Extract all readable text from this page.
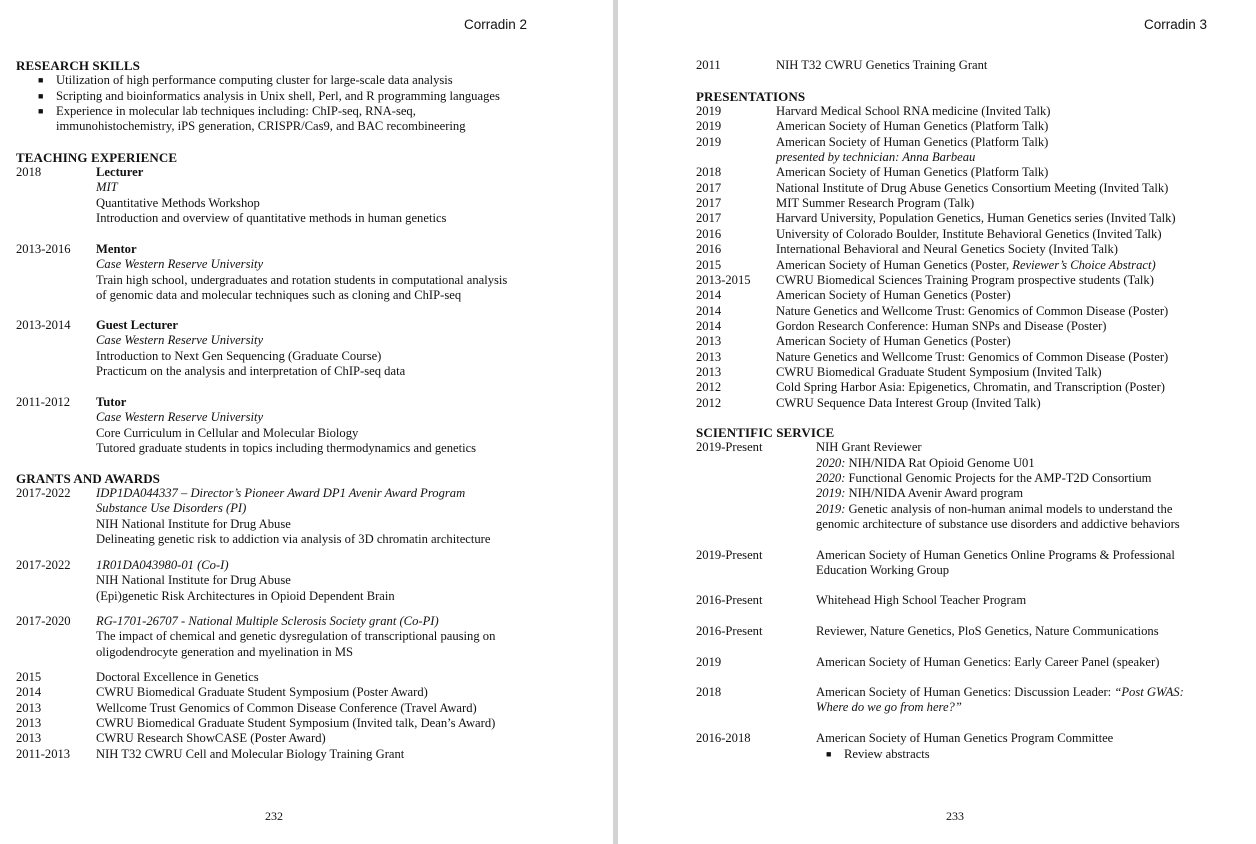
Corradin 2
RESEARCH SKILLS
■ Utilization of high performance computing cluster for large-scale data analysis
■ Scripting and bioinformatics analysis in Unix shell, Perl, and R programming languages
■ Experience in molecular lab techniques including: ChIP-seq, RNA-seq,
immunohistochemistry, iPS generation, CRISPR/Cas9, and BAC recombineering
TEACHING EXPERIENCE
2018	Lecturer
MIT
Quantitative Methods Workshop
Introduction and overview of quantitative methods in human genetics
2013-2016 Mentor
Case Western Reserve University
Train high school, undergraduates and rotation students in computational analysis
of genomic data and molecular techniques such as cloning and ChIP-seq
2013-2014 Guest Lecturer
Case Western Reserve University
Introduction to Next Gen Sequencing (Graduate Course)
Practicum on the analysis and interpretation of ChIP-seq data
2011-2012 Tutor
Case Western Reserve University
Core Curriculum in Cellular and Molecular Biology
Tutored graduate students in topics including thermodynamics and genetics
GRANTS AND AWARDS
2017-2022 IDP1DA044337 – Director’s Pioneer Award DP1 Avenir Award Program
Substance Use Disorders (PI)
NIH National Institute for Drug Abuse
Delineating genetic risk to addiction via analysis of 3D chromatin architecture
2017-2022 1R01DA043980-01 (Co-I)
NIH National Institute for Drug Abuse
(Epi)genetic Risk Architectures in Opioid Dependent Brain
2017-2020 RG-1701-26707 - National Multiple Sclerosis Society grant (Co-PI)
The impact of chemical and genetic dysregulation of transcriptional pausing on
oligodendrocyte generation and myelination in MS
2015	Doctoral Excellence in Genetics
2014	CWRU Biomedical Graduate Student Symposium (Poster Award)
2013	Wellcome Trust Genomics of Common Disease Conference (Travel Award)
2013	CWRU Biomedical Graduate Student Symposium (Invited talk, Dean’s Award)
2013	CWRU Research ShowCASE (Poster Award)
2011-2013 NIH T32 CWRU Cell and Molecular Biology Training Grant
232
Corradin 3
2011	NIH T32 CWRU Genetics Training Grant
PRESENTATIONS
2019	Harvard Medical School RNA medicine (Invited Talk)
2019	American Society of Human Genetics (Platform Talk)
2019	American Society of Human Genetics (Platform Talk)
presented by technician: Anna Barbeau
2018	American Society of Human Genetics (Platform Talk)
2017	National Institute of Drug Abuse Genetics Consortium Meeting (Invited Talk)
2017	MIT Summer Research Program (Talk)
2017	Harvard University, Population Genetics, Human Genetics series (Invited Talk)
2016	University of Colorado Boulder, Institute Behavioral Genetics (Invited Talk)
2016	International Behavioral and Neural Genetics Society (Invited Talk)
2015	American Society of Human Genetics (Poster, Reviewer’s Choice Abstract)
2013-2015 CWRU Biomedical Sciences Training Program prospective students (Talk)
2014	American Society of Human Genetics (Poster)
2014	Nature Genetics and Wellcome Trust: Genomics of Common Disease (Poster)
2014	Gordon Research Conference: Human SNPs and Disease (Poster)
2013	American Society of Human Genetics (Poster)
2013	Nature Genetics and Wellcome Trust: Genomics of Common Disease (Poster)
2013	CWRU Biomedical Graduate Student Symposium (Invited Talk)
2012	Cold Spring Harbor Asia: Epigenetics, Chromatin, and Transcription (Poster)
2012	CWRU Sequence Data Interest Group (Invited Talk)
SCIENTIFIC SERVICE
2019-Present	NIH Grant Reviewer
2020: NIH/NIDA Rat Opioid Genome U01
2020: Functional Genomic Projects for the AMP-T2D Consortium
2019: NIH/NIDA Avenir Award program
2019: Genetic analysis of non-human animal models to understand the
genomic architecture of substance use disorders and addictive behaviors
2019-Present	American Society of Human Genetics Online Programs & Professional
Education Working Group
2016-Present	Whitehead High School Teacher Program
2016-Present	Reviewer, Nature Genetics, PloS Genetics, Nature Communications
2019	American Society of Human Genetics: Early Career Panel (speaker)
2018	American Society of Human Genetics: Discussion Leader: “Post GWAS:
Where do we go from here?”
2016-2018	American Society of Human Genetics Program Committee
■ Review abstracts
233
